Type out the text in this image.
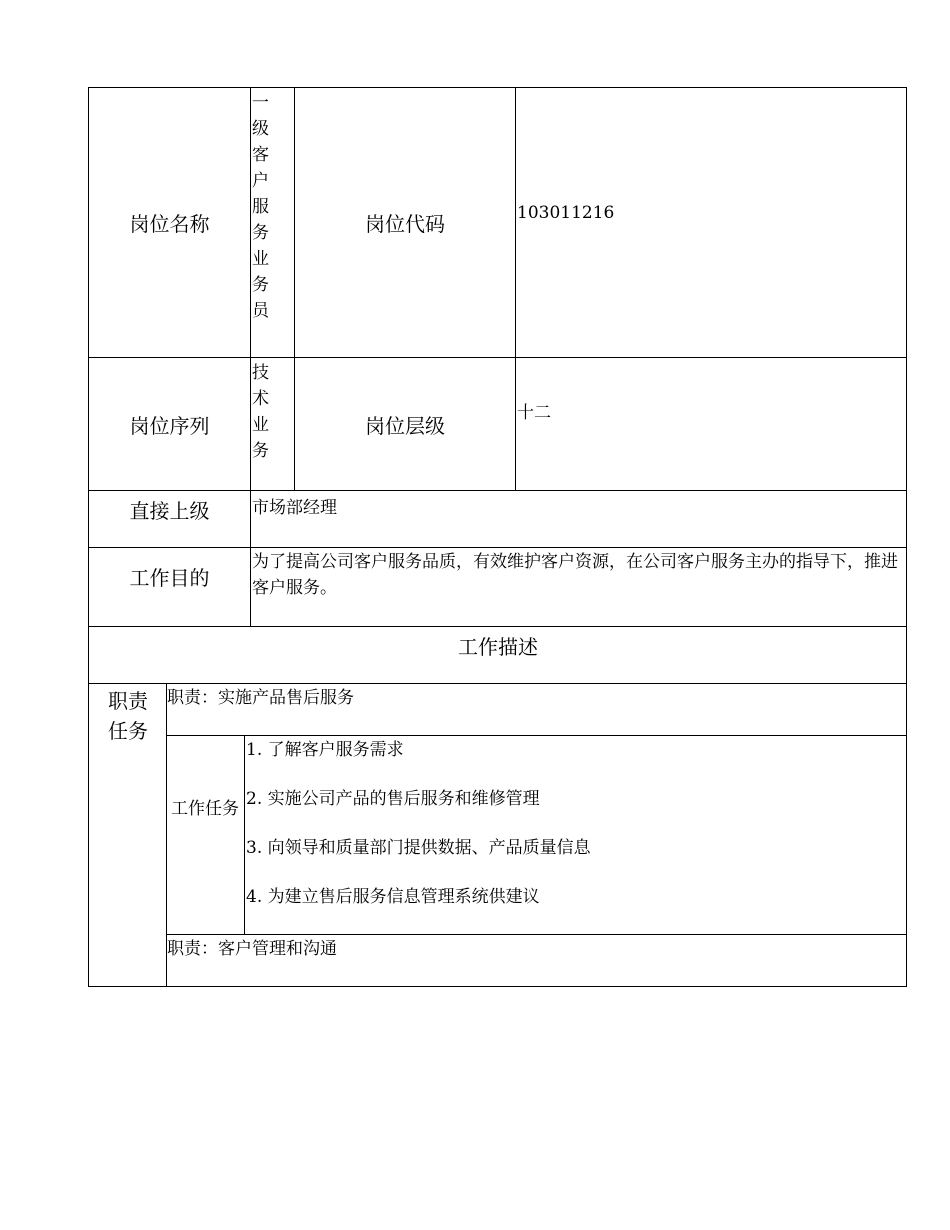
岗位名称
一级客户服务业务员
岗位代码	103011216
岗位序列
技术业务
岗位层级
十二
直接上级	市场部经理
工作目的
为了提高公司客户服务品质，有效维护客户资源，在公司客户服务主办的指导下，推进客户服务。
工作描述
职责任务
职责：实施产品售后服务
工作任务
1. 了解客户服务需求
2. 实施公司产品的售后服务和维修管理
3. 向领导和质量部门提供数据、产品质量信息
4. 为建立售后服务信息管理系统供建议
职责：客户管理和沟通
